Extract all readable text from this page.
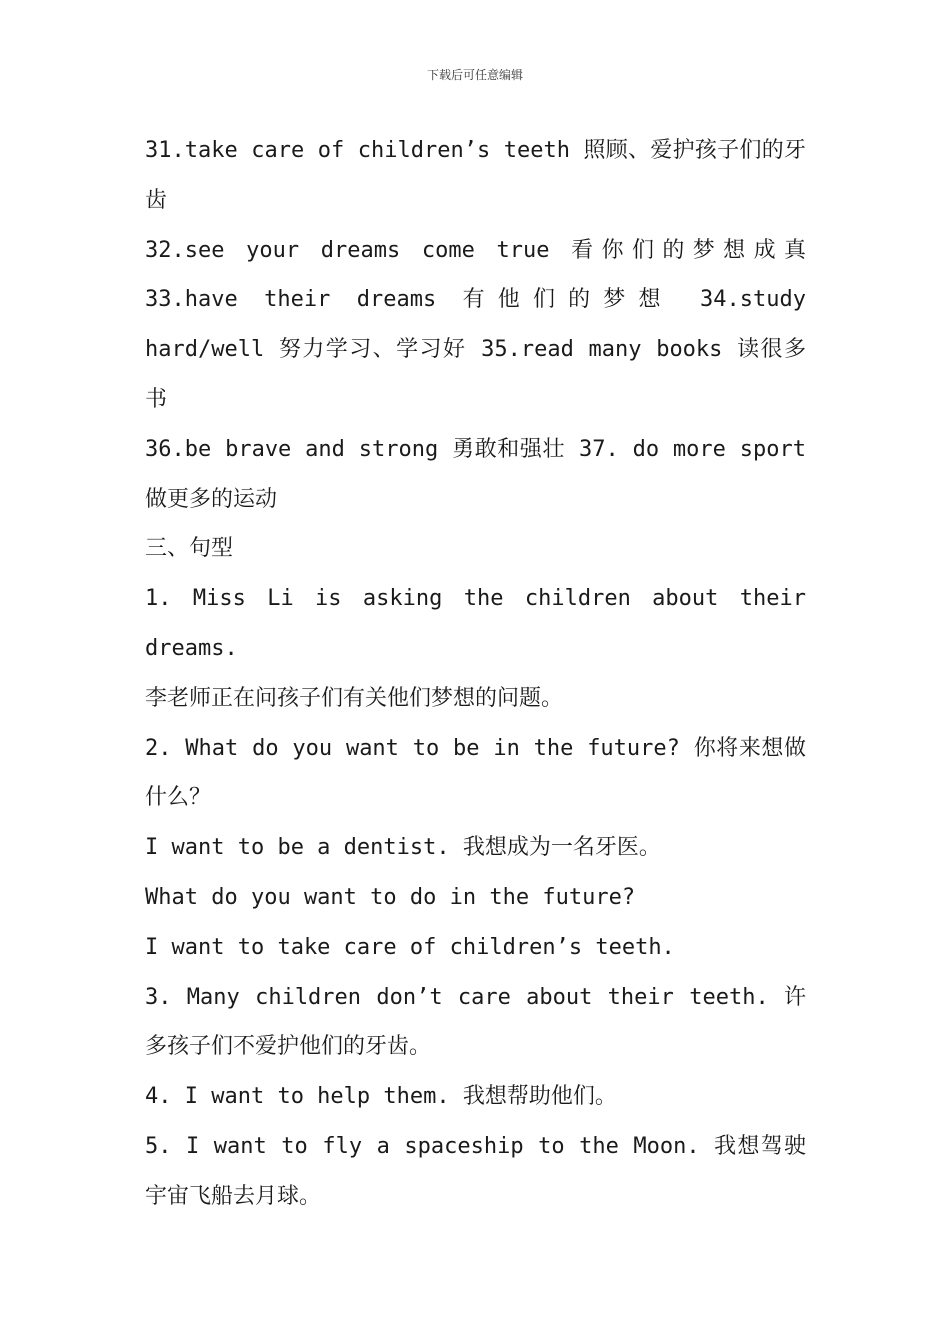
下载后可任意编辑

31.take care of children’s teeth 照顾、爱护孩子们的牙齿

32.see your dreams come true 看你们的梦想成真

33.have their dreams 有他们的梦想 34.study hard/well 努力学习、学习好 35.read many books 读很多书

36.be brave and strong 勇敢和强壮 37. do more sport 做更多的运动

三、句型

1. Miss Li is asking the children about their dreams.

李老师正在问孩子们有关他们梦想的问题。

2. What do you want to be in the future? 你将来想做什么？

I want to be a dentist. 我想成为一名牙医。

What do you want to do in the future?

I want to take care of children’s teeth.

3. Many children don’t care about their teeth. 许多孩子们不爱护他们的牙齿。

4. I want to help them. 我想帮助他们。

5. I want to fly a spaceship to the Moon. 我想驾驶宇宙飞船去月球。
